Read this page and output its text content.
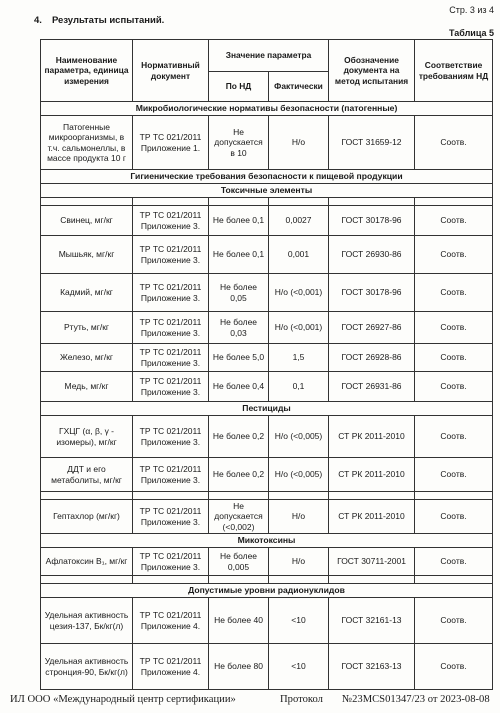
Стр. 3 из 4
4. Результаты испытаний.
Таблица 5
Наименование параметра, единица измерения	Нормативный документ	Значение параметра		Обозначение документа на метод испытания	Соответствие требованиям НД
		По НД	Фактически		
Микробиологические нормативы безопасности (патогенные)					
Патогенные микроорганизмы, в т.ч. сальмонеллы, в массе продукта 10 г	ТР ТС 021/2011 Приложение 1.	Не допускается в 10	Н/о	ГОСТ 31659-12	Соотв.
Гигиенические требования безопасности к пищевой продукции					
Токсичные элементы					

Свинец, мг/кг	ТР ТС 021/2011 Приложение 3.	Не более 0,1	0,0027	ГОСТ 30178-96	Соотв.
Мышьяк, мг/кг	ТР ТС 021/2011 Приложение 3.	Не более 0,1	0,001	ГОСТ 26930-86	Соотв.
Кадмий, мг/кг	ТР ТС 021/2011 Приложение 3.	Не более 0,05	Н/о (<0,001)	ГОСТ 30178-96	Соотв.
Ртуть, мг/кг	ТР ТС 021/2011 Приложение 3.	Не более 0,03	Н/о (<0,001)	ГОСТ 26927-86	Соотв.
Железо, мг/кг	ТР ТС 021/2011 Приложение 3.	Не более 5,0	1,5	ГОСТ 26928-86	Соотв.
Медь, мг/кг	ТР ТС 021/2011 Приложение 3.	Не более 0,4	0,1	ГОСТ 26931-86	Соотв.
Пестициды					
ГХЦГ (α, β, γ - изомеры), мг/кг	ТР ТС 021/2011 Приложение 3.	Не более 0,2	Н/о (<0,005)	СТ РК 2011-2010	Соотв.
ДДТ и его метаболиты, мг/кг	ТР ТС 021/2011 Приложение 3.	Не более 0,2	Н/о (<0,005)	СТ РК 2011-2010	Соотв.

Гептахлор (мг/кг)	ТР ТС 021/2011 Приложение 3.	Не допускается (<0,002)	Н/о	СТ РК 2011-2010	Соотв.
Микотоксины					
Афлатоксин B₁, мг/кг	ТР ТС 021/2011 Приложение 3.	Не более 0,005	Н/о	ГОСТ 30711-2001	Соотв.

Допустимые уровни радионуклидов					
Удельная активность цезия-137, Бк/кг(л)	ТР ТС 021/2011 Приложение 4.	Не более 40	<10	ГОСТ 32161-13	Соотв.
Удельная активность стронция-90, Бк/кг(л)	ТР ТС 021/2011 Приложение 4.	Не более 80	<10	ГОСТ 32163-13	Соотв.
ИЛ ООО «Международный центр сертификации»	Протокол №23MCS01347/23 от 2023-08-08
